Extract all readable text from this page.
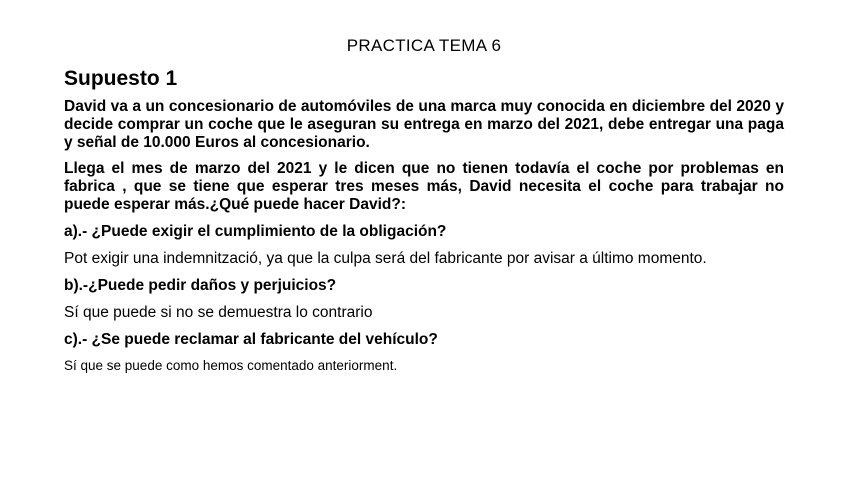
PRACTICA TEMA 6
Supuesto 1

David va a un concesionario de automóviles de una marca muy conocida en diciembre del 2020 y decide comprar un coche que le aseguran su entrega en marzo del 2021, debe entregar una paga y señal de 10.000 Euros al concesionario.

Llega el mes de marzo del 2021 y le dicen que no tienen todavía el coche por problemas en fabrica , que se tiene que esperar tres meses más, David necesita el coche para trabajar no puede esperar más.¿Qué puede hacer David?:

a).- ¿Puede exigir el cumplimiento de la obligación?

Pot exigir una indemnització, ya que la culpa será del fabricante por avisar a último momento.

b).-¿Puede pedir daños y perjuicios?

Sí que puede si no se demuestra lo contrario

c).- ¿Se puede reclamar al fabricante del vehículo?

Sí que se puede como hemos comentado anteriorment.
